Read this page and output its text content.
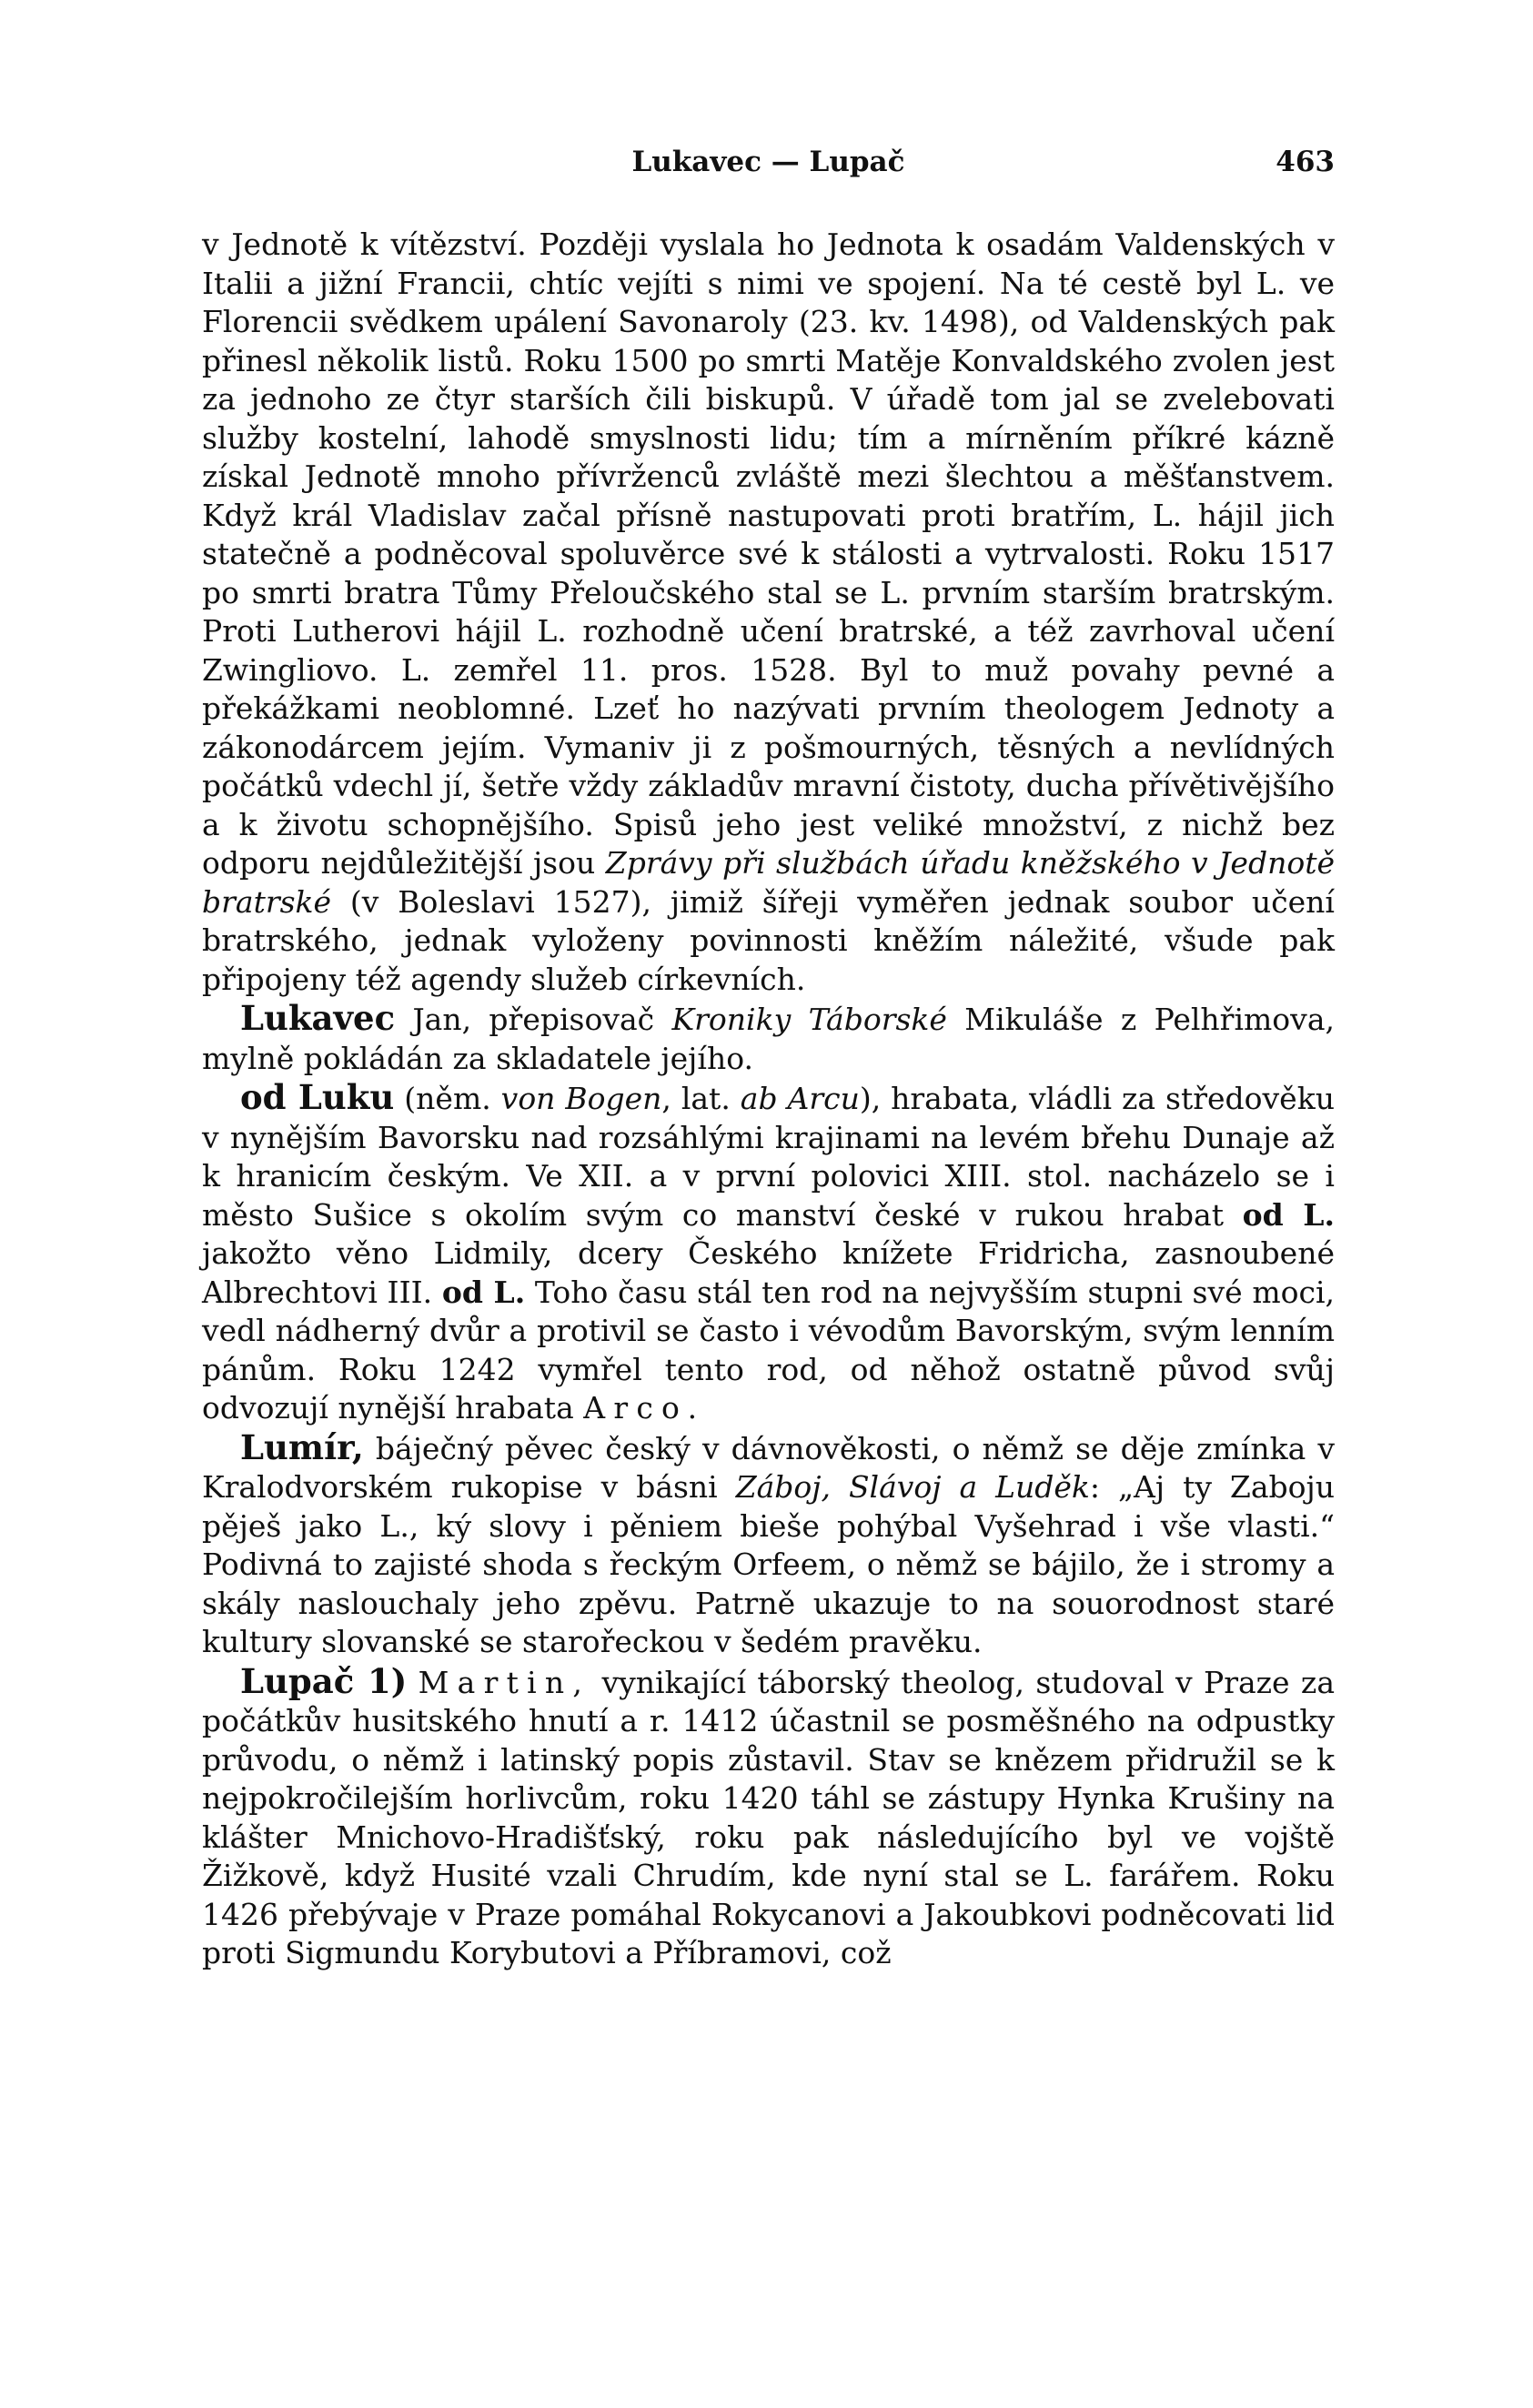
Lukavec — Lupač	463

v Jednotě k vítězství. Později vyslala ho Jednota k osadám Valdenských v Italii a jižní Francii, chtíc vejíti s nimi ve spojení. Na té cestě byl L. ve Florencii svědkem upálení Savonaroly (23. kv. 1498), od Valdenských pak přinesl několik listů. Roku 1500 po smrti Matěje Konvaldského zvolen jest za jednoho ze čtyr starších čili biskupů. V úřadě tom jal se zvelebovati služby kostelní, lahodě smyslnosti lidu; tím a mírněním příkré kázně získal Jednotě mnoho přívrženců zvláště mezi šlechtou a měšťanstvem. Když král Vladislav začal přísně nastupovati proti bratřím, L. hájil jich statečně a podněcoval spoluvěrce své k stálosti a vytrvalosti. Roku 1517 po smrti bratra Tůmy Přeloučského stal se L. prvním starším bratrským. Proti Lutherovi hájil L. rozhodně učení bratrské, a též zavrhoval učení Zwingliovo. L. zemřel 11. pros. 1528. Byl to muž povahy pevné a překážkami neoblomné. Lzeť ho nazývati prvním theologem Jednoty a zákonodárcem jejím. Vymaniv ji z pošmourných, těsných a nevlídných počátků vdechl jí, šetře vždy základův mravní čistoty, ducha přívětivějšího a k životu schopnějšího. Spisů jeho jest veliké množství, z nichž bez odporu nejdůležitější jsou Zprávy při službách úřadu kněžského v Jednotě bratrské (v Boleslavi 1527), jimiž šířeji vyměřen jednak soubor učení bratrského, jednak vyloženy povinnosti kněžím náležité, všude pak připojeny též agendy služeb církevních.

Lukavec Jan, přepisovač Kroniky Táborské Mikuláše z Pelhřimova, mylně pokládán za skladatele jejího.

od Luku (něm. von Bogen, lat. ab Arcu), hrabata, vládli za středověku v nynějším Bavorsku nad rozsáhlými krajinami na levém břehu Dunaje až k hranicím českým. Ve XII. a v první polovici XIII. stol. nacházelo se i město Sušice s okolím svým co manství české v rukou hrabat od L. jakožto věno Lidmily, dcery Českého knížete Fridricha, zasnoubené Albrechtovi III. od L. Toho času stál ten rod na nejvyšším stupni své moci, vedl nádherný dvůr a protivil se často i vévodům Bavorským, svým lenním pánům. Roku 1242 vymřel tento rod, od něhož ostatně původ svůj odvozují nynější hrabata Arco.

Lumír, báječný pěvec český v dávnověkosti, o němž se děje zmínka v Kralodvorském rukopise v básni Záboj, Slávoj a Luděk: „Aj ty Zaboju pěješ jako L., ký slovy i pěniem bieše pohýbal Vyšehrad i vše vlasti.“ Podivná to zajisté shoda s řeckým Orfeem, o němž se bájilo, že i stromy a skály naslouchaly jeho zpěvu. Patrně ukazuje to na souorodnost staré kultury slovanské se starořeckou v šedém pravěku.

Lupač 1) Martin, vynikající táborský theolog, studoval v Praze za počátkův husitského hnutí a r. 1412 účastnil se posměšného na odpustky průvodu, o němž i latinský popis zůstavil. Stav se knězem přidružil se k nejpokročilejším horlivcům, roku 1420 táhl se zástupy Hynka Krušiny na klášter Mnichovo-Hradišťský, roku pak následujícího byl ve vojště Žižkově, když Husité vzali Chrudím, kde nyní stal se L. farářem. Roku 1426 přebývaje v Praze pomáhal Rokycanovi a Jakoubkovi podněcovati lid proti Sigmundu Korybutovi a Příbramovi, což
